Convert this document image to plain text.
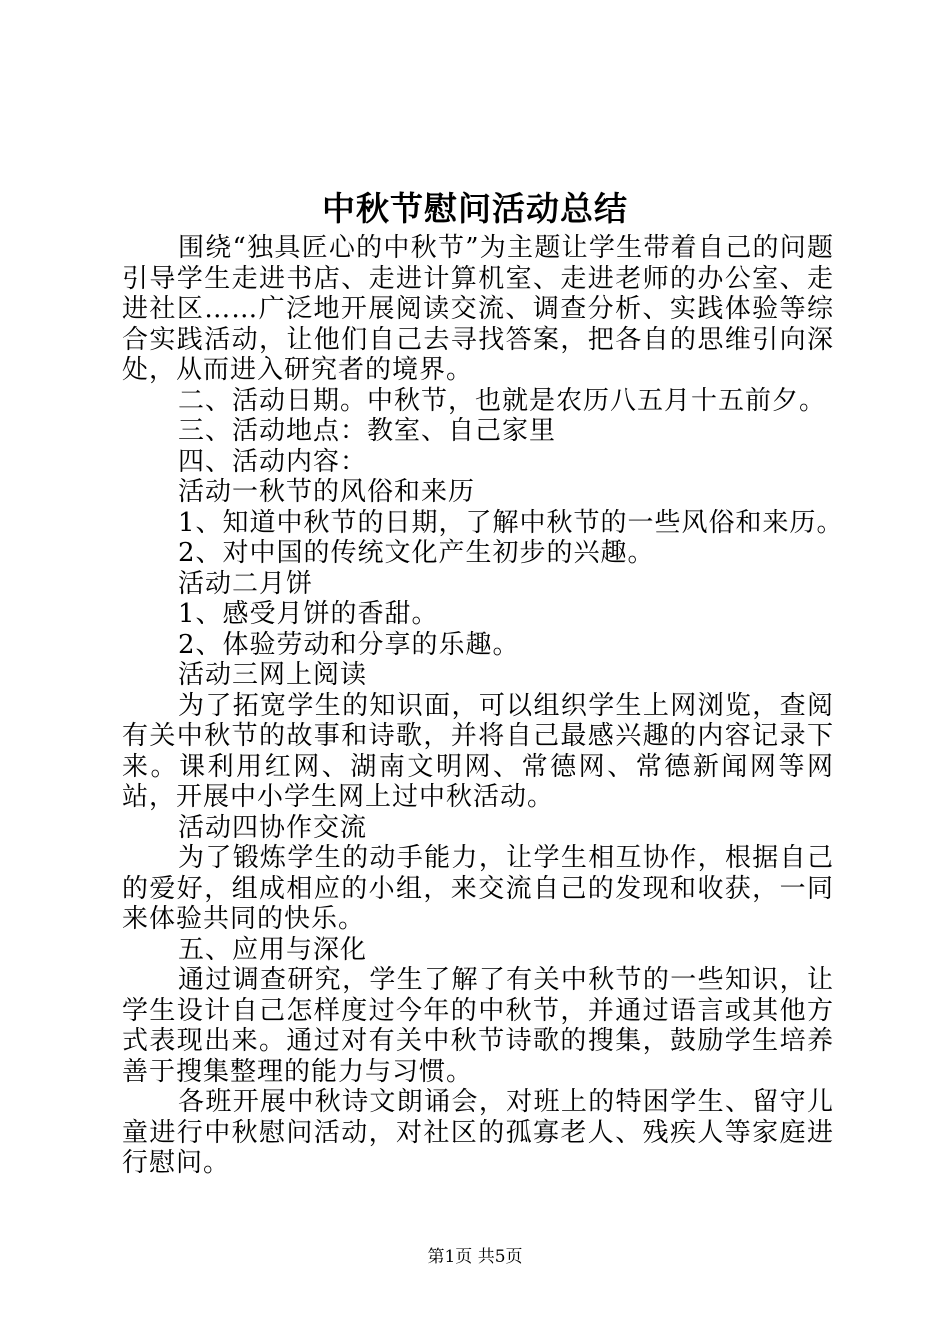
中秋节慰问活动总结

围绕“独具匠心的中秋节”为主题让学生带着自己的问题引导学生走进书店、走进计算机室、走进老师的办公室、走进社区……广泛地开展阅读交流、调查分析、实践体验等综合实践活动，让他们自己去寻找答案，把各自的思维引向深处，从而进入研究者的境界。

二、活动日期。中秋节，也就是农历八五月十五前夕。

三、活动地点：教室、自己家里

四、活动内容：

活动一秋节的风俗和来历

1、知道中秋节的日期，了解中秋节的一些风俗和来历。

2、对中国的传统文化产生初步的兴趣。

活动二月饼

1、感受月饼的香甜。

2、体验劳动和分享的乐趣。

活动三网上阅读

为了拓宽学生的知识面，可以组织学生上网浏览，查阅有关中秋节的故事和诗歌，并将自己最感兴趣的内容记录下来。课利用红网、湖南文明网、常德网、常德新闻网等网站，开展中小学生网上过中秋活动。

活动四协作交流

为了锻炼学生的动手能力，让学生相互协作，根据自己的爱好，组成相应的小组，来交流自己的发现和收获，一同来体验共同的快乐。

五、应用与深化

通过调查研究，学生了解了有关中秋节的一些知识，让学生设计自己怎样度过今年的中秋节，并通过语言或其他方式表现出来。通过对有关中秋节诗歌的搜集，鼓励学生培养善于搜集整理的能力与习惯。

各班开展中秋诗文朗诵会，对班上的特困学生、留守儿童进行中秋慰问活动，对社区的孤寡老人、残疾人等家庭进行慰问。

第1页 共5页
